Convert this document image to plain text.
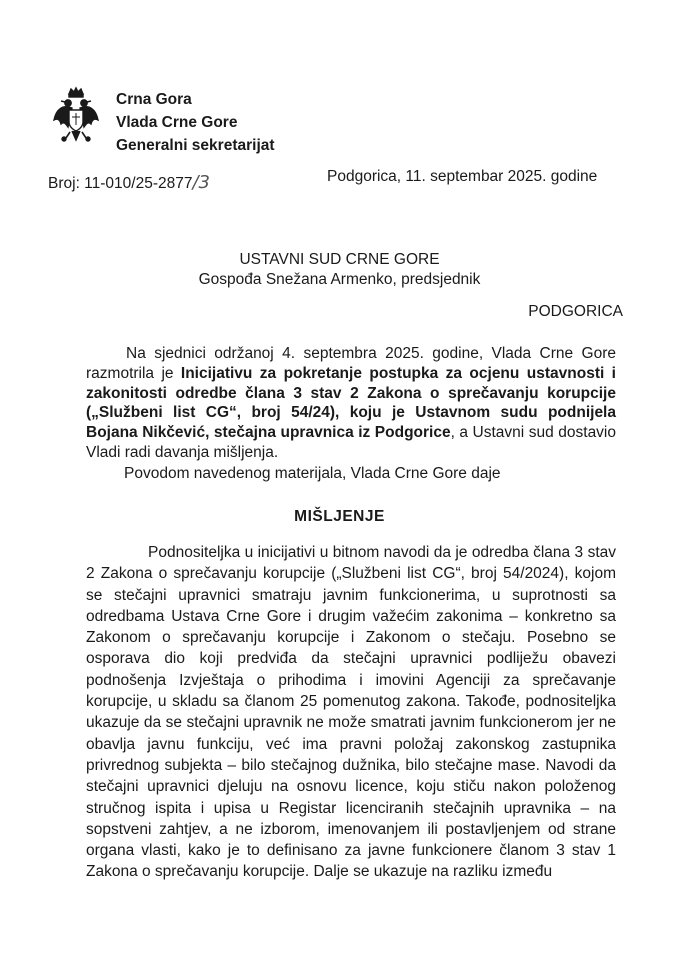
Crna Gora
Vlada Crne Gore
Generalni sekretarijat
Broj: 11-010/25-2877/3	Podgorica, 11. septembar 2025. godine
USTAVNI SUD CRNE GORE
Gospođa Snežana Armenko, predsjednik
PODGORICA
Na sjednici održanoj 4. septembra 2025. godine, Vlada Crne Gore razmotrila je Inicijativu za pokretanje postupka za ocjenu ustavnosti i zakonitosti odredbe člana 3 stav 2 Zakona o sprečavanju korupcije („Službeni list CG“, broj 54/24), koju je Ustavnom sudu podnijela Bojana Nikčević, stečajna upravnica iz Podgorice, a Ustavni sud dostavio Vladi radi davanja mišljenja.
Povodom navedenog materijala, Vlada Crne Gore daje
MIŠLJENJE
Podnositeljka u inicijativi u bitnom navodi da je odredba člana 3 stav 2 Zakona o sprečavanju korupcije („Službeni list CG“, broj 54/2024), kojom se stečajni upravnici smatraju javnim funkcionerima, u suprotnosti sa odredbama Ustava Crne Gore i drugim važećim zakonima – konkretno sa Zakonom o sprečavanju korupcije i Zakonom o stečaju. Posebno se osporava dio koji predviđa da stečajni upravnici podliježu obavezi podnošenja Izvještaja o prihodima i imovini Agenciji za sprečavanje korupcije, u skladu sa članom 25 pomenutog zakona. Takođe, podnositeljka ukazuje da se stečajni upravnik ne može smatrati javnim funkcionerom jer ne obavlja javnu funkciju, već ima pravni položaj zakonskog zastupnika privrednog subjekta – bilo stečajnog dužnika, bilo stečajne mase. Navodi da stečajni upravnici djeluju na osnovu licence, koju stiču nakon položenog stručnog ispita i upisa u Registar licenciranih stečajnih upravnika – na sopstveni zahtjev, a ne izborom, imenovanjem ili postavljenjem od strane organa vlasti, kako je to definisano za javne funkcionere članom 3 stav 1 Zakona o sprečavanju korupcije. Dalje se ukazuje na razliku između
